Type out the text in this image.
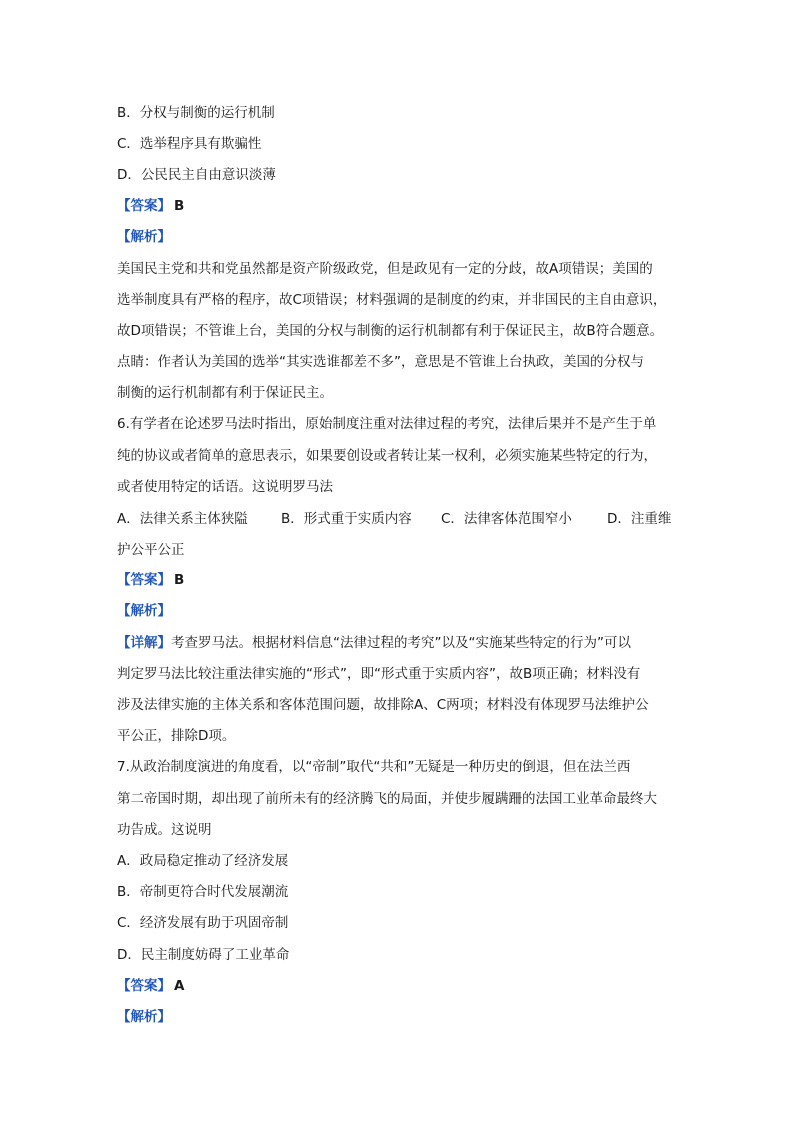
B．分权与制衡的运行机制
C．选举程序具有欺骗性
D．公民民主自由意识淡薄
【答案】 B
【解析】
美国民主党和共和党虽然都是资产阶级政党，但是政见有一定的分歧，故A项错误；美国的
选举制度具有严格的程序，故C项错误；材料强调的是制度的约束，并非国民的主自由意识，
故D项错误；不管谁上台，美国的分权与制衡的运行机制都有利于保证民主，故B符合题意。
点睛：作者认为美国的选举“其实选谁都差不多”，意思是不管谁上台执政，美国的分权与
制衡的运行机制都有利于保证民主。
6.有学者在论述罗马法时指出，原始制度注重对法律过程的考究，法律后果并不是产生于单
纯的协议或者简单的意思表示，如果要创设或者转让某一权利，必须实施某些特定的行为，
或者使用特定的话语。这说明罗马法
A．法律关系主体狭隘 B．形式重于实质内容 C．法律客体范围窄小	D．注重维
护公平公正
【答案】 B
【解析】
【详解】考查罗马法。根据材料信息“法律过程的考究”以及“实施某些特定的行为”可以
判定罗马法比较注重法律实施的“形式”，即“形式重于实质内容”，故B项正确；材料没有
涉及法律实施的主体关系和客体范围问题，故排除A、C两项；材料没有体现罗马法维护公
平公正，排除D项。
7.从政治制度演进的角度看，以“帝制”取代“共和”无疑是一种历史的倒退，但在法兰西
第二帝国时期，却出现了前所未有的经济腾飞的局面，并使步履蹒跚的法国工业革命最终大
功告成。这说明
A．政局稳定推动了经济发展
B．帝制更符合时代发展潮流
C．经济发展有助于巩固帝制
D．民主制度妨碍了工业革命
【答案】 A
【解析】
